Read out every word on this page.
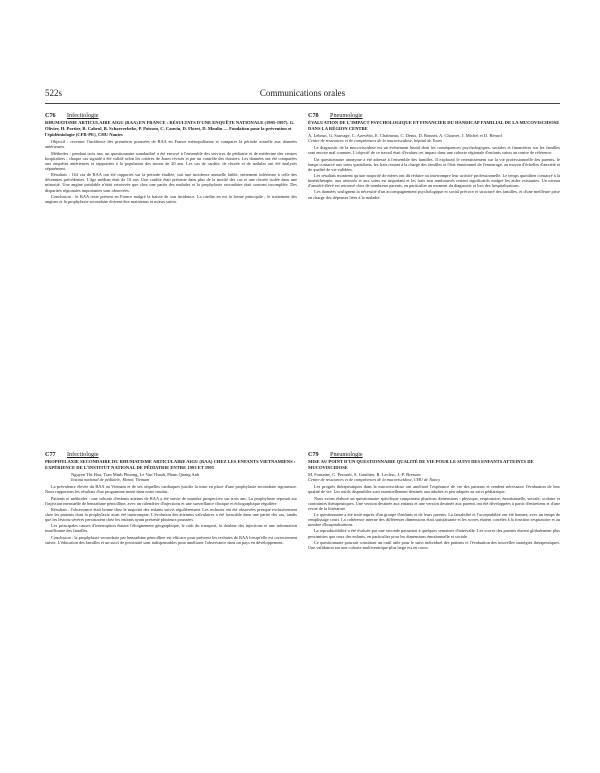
522s	Communications orales
C76 Infectiologie
RHUMATISME ARTICULAIRE AIGU (RAA) EN FRANCE : RÉSULTATS D'UNE ENQUÊTE NATIONALE (1995-1997). G. Olivier, H. Portier, B. Cabrol, B. Schaeverbeke, P. Poisson, C. Cauvin, D. Floret, D. Moulin — Fondation pour la prévention et l'épidémiologie (CFR-PE), CHU Nantes

Objectif : recenser l'incidence des premières poussées de RAA en France métropolitaine et comparer la période actuelle aux données antérieures.

Méthodes : pendant trois ans, un questionnaire standardisé a été envoyé à l'ensemble des services de pédiatrie et de médecine des centres hospitaliers ; chaque cas signalé a été validé selon les critères de Jones révisés et par un contrôle des dossiers. Les données ont été comparées aux enquêtes antérieures et rapportées à la population des moins de 20 ans. Les cas de cardite, de chorée et de nodules ont été analysés séparément.

Résultats : 164 cas de RAA ont été rapportés sur la période étudiée, soit une incidence annuelle faible, nettement inférieure à celle des décennies précédentes. L'âge médian était de 10 ans. Une cardite était présente dans plus de la moitié des cas et une chorée isolée dans une minorité. Une angine préalable n'était retrouvée que chez une partie des malades et la prophylaxie secondaire était souvent incomplète. Des disparités régionales importantes sont observées.

Conclusion : le RAA reste présent en France malgré la baisse de son incidence. La cardite en est la forme principale ; le traitement des angines et la prophylaxie secondaire doivent être maintenus et mieux suivis.

C78 Pneumologie
ÉVALUATION DE L'IMPACT PSYCHOLOGIQUE ET FINANCIER DU HANDICAP FAMILIAL DE LA MUCOVISCIDOSE DANS LA RÉGION CENTRE
A. Lebrun, G. Sauvage, C. Azevêdo, E. Chalmeau, C. Denis, D. Bonnet, A. Chauvet, J. Michel et D. Bérard
Centre de ressources et de compétences de la mucoviscidose, hôpital de Tours

Le diagnostic de la mucoviscidose est un événement brutal dont les conséquences psychologiques, sociales et financières sur les familles sont encore mal connues. L'objectif de ce travail était d'évaluer cet impact dans une cohorte régionale d'enfants suivis au centre de référence.

Un questionnaire anonyme a été adressé à l'ensemble des familles. Il explorait le retentissement sur la vie professionnelle des parents, le temps consacré aux soins quotidiens, les frais restant à la charge des familles et l'état émotionnel de l'entourage, au moyen d'échelles d'anxiété et de qualité de vie validées.

Les résultats montrent qu'une majorité de mères ont dû réduire ou interrompre leur activité professionnelle. Le temps quotidien consacré à la kinésithérapie, aux aérosols et aux soins est important et les frais non remboursés restent significatifs malgré les aides existantes. Un niveau d'anxiété élevé est retrouvé chez de nombreux parents, en particulier au moment du diagnostic et lors des hospitalisations.

Ces données soulignent la nécessité d'un accompagnement psychologique et social précoce et structuré des familles, et d'une meilleure prise en charge des dépenses liées à la maladie.

C77 Infectiologie
PROPHYLAXIE SECONDAIRE DU RHUMATISME ARTICULAIRE AIGU (RAA) CHEZ LES ENFANTS VIETNAMIENS : EXPÉRIENCE DE L'INSTITUT NATIONAL DE PÉDIATRIE ENTRE 1993 ET 1995
Nguyen Thi Hoa, Tran Minh Phuong, Le Van Thanh, Pham Quang Anh
Institut national de pédiatrie, Hanoï, Vietnam

La prévalence élevée du RAA au Vietnam et de ses séquelles cardiaques justifie la mise en place d'une prophylaxie secondaire rigoureuse. Nous rapportons les résultats d'un programme mené dans notre institut.

Patients et méthodes : une cohorte d'enfants atteints de RAA a été suivie de manière prospective sur trois ans. La prophylaxie reposait sur l'injection mensuelle de benzathine pénicilline, avec un calendrier d'injections et une surveillance clinique et échographique régulière.

Résultats : l'observance était bonne chez la majorité des enfants suivis régulièrement. Les rechutes ont été observées presque exclusivement chez les patients dont la prophylaxie avait été interrompue. L'évolution des atteintes valvulaires a été favorable dans une partie des cas, tandis que les lésions sévères persistaient chez les enfants ayant présenté plusieurs poussées.

Les principales causes d'interruption étaient l'éloignement géographique, le coût du transport, la douleur des injections et une information insuffisante des familles.

Conclusion : la prophylaxie secondaire par benzathine pénicilline est efficace pour prévenir les rechutes de RAA lorsqu'elle est correctement suivie. L'éducation des familles et un suivi de proximité sont indispensables pour améliorer l'observance dans un pays en développement.

C79 Pneumologie
MISE AU POINT D'UN QUESTIONNAIRE QUALITÉ DE VIE POUR LE SUIVI DES ENFANTS ATTEINTS DE MUCOVISCIDOSE
M. Fontaine, C. Perrault, S. Gauthier, R. Leclerc, J.-P. Bresson
Centre de ressources et de compétences de la mucoviscidose, CHU de Nancy

Les progrès thérapeutiques dans la mucoviscidose ont amélioré l'espérance de vie des patients et rendent nécessaire l'évaluation de leur qualité de vie. Les outils disponibles sont essentiellement destinés aux adultes et peu adaptés au suivi pédiatrique.

Nous avons élaboré un questionnaire spécifique comportant plusieurs dimensions : physique, respiratoire, émotionnelle, sociale, scolaire et contraintes thérapeutiques. Une version destinée aux enfants et une version destinée aux parents ont été développées à partir d'entretiens et d'une revue de la littérature.

Le questionnaire a été testé auprès d'un groupe d'enfants et de leurs parents. La faisabilité et l'acceptabilité ont été bonnes, avec un temps de remplissage court. La cohérence interne des différentes dimensions était satisfaisante et les scores étaient corrélés à la fonction respiratoire et au nombre d'hospitalisations.

La reproductibilité a été évaluée par une seconde passation à quelques semaines d'intervalle. Les scores des parents étaient globalement plus pessimistes que ceux des enfants, en particulier pour les dimensions émotionnelle et sociale.

Ce questionnaire pourrait constituer un outil utile pour le suivi individuel des patients et l'évaluation des nouvelles stratégies thérapeutiques. Une validation sur une cohorte multicentrique plus large est en cours.
